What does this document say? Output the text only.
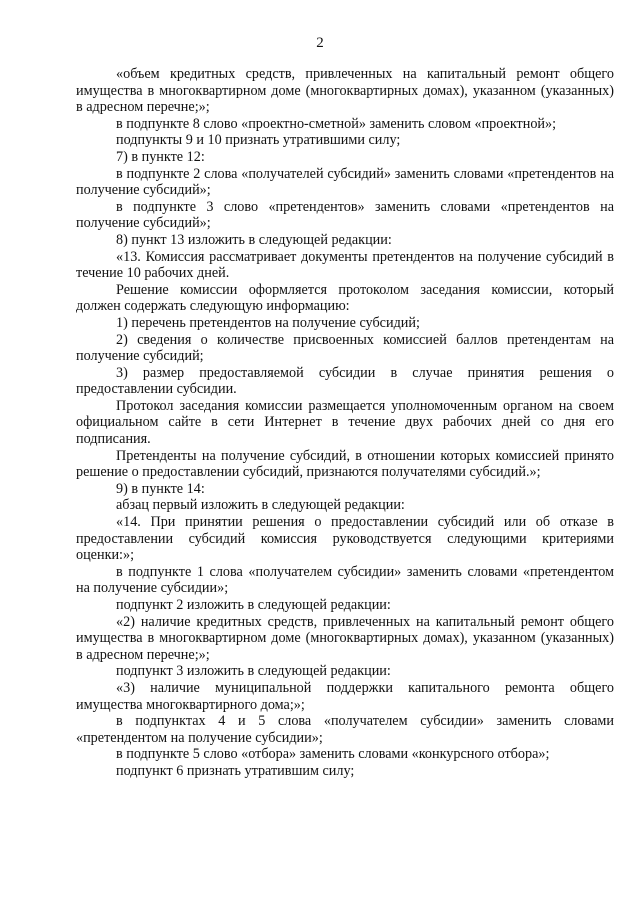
2

«объем кредитных средств, привлеченных на капитальный ремонт общего имущества в многоквартирном доме (многоквартирных домах), указанном (указанных) в адресном перечне;»;

в подпункте 8 слово «проектно-сметной» заменить словом «проектной»;

подпункты 9 и 10 признать утратившими силу;

7) в пункте 12:

в подпункте 2 слова «получателей субсидий» заменить словами «претендентов на получение субсидий»;

в подпункте 3 слово «претендентов» заменить словами «претендентов на получение субсидий»;

8) пункт 13 изложить в следующей редакции:

«13. Комиссия рассматривает документы претендентов на получение субсидий в течение 10 рабочих дней.

Решение комиссии оформляется протоколом заседания комиссии, который должен содержать следующую информацию:

1) перечень претендентов на получение субсидий;

2) сведения о количестве присвоенных комиссией баллов претендентам на получение субсидий;

3) размер предоставляемой субсидии в случае принятия решения о предоставлении субсидии.

Протокол заседания комиссии размещается уполномоченным органом на своем официальном сайте в сети Интернет в течение двух рабочих дней со дня его подписания.

Претенденты на получение субсидий, в отношении которых комиссией принято решение о предоставлении субсидий, признаются получателями субсидий.»;

9) в пункте 14:

абзац первый изложить в следующей редакции:

«14. При принятии решения о предоставлении субсидий или об отказе в предоставлении субсидий комиссия руководствуется следующими критериями оценки:»;

в подпункте 1 слова «получателем субсидии» заменить словами «претендентом на получение субсидии»;

подпункт 2 изложить в следующей редакции:

«2) наличие кредитных средств, привлеченных на капитальный ремонт общего имущества в многоквартирном доме (многоквартирных домах), указанном (указанных) в адресном перечне;»;

подпункт 3 изложить в следующей редакции:

«3) наличие муниципальной поддержки капитального ремонта общего имущества многоквартирного дома;»;

в подпунктах 4 и 5 слова «получателем субсидии» заменить словами «претендентом на получение субсидии»;

в подпункте 5 слово «отбора» заменить словами «конкурсного отбора»;

подпункт 6 признать утратившим силу;
